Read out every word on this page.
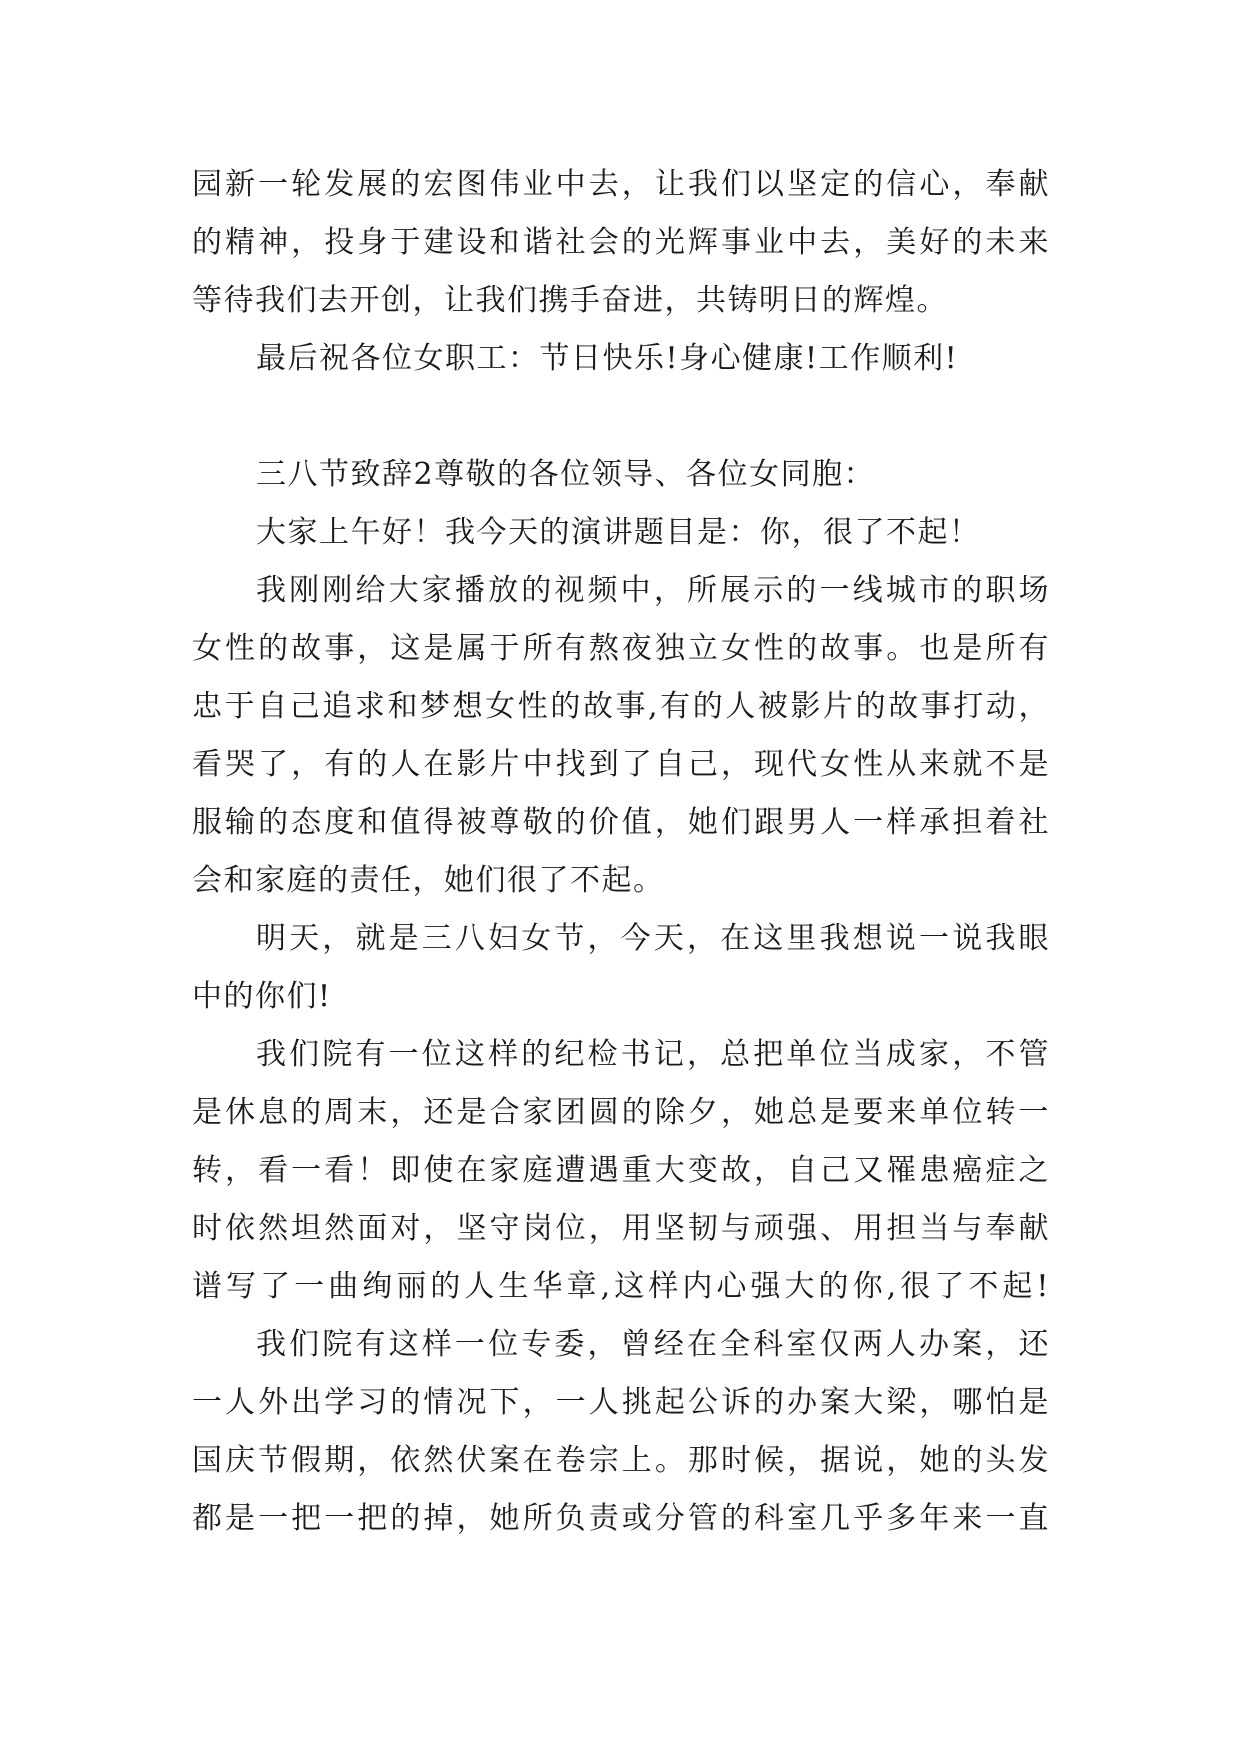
园新一轮发展的宏图伟业中去，让我们以坚定的信心，奉献
的精神，投身于建设和谐社会的光辉事业中去，美好的未来
等待我们去开创，让我们携手奋进，共铸明日的辉煌。
最后祝各位女职工：节日快乐!身心健康!工作顺利!
三八节致辞2尊敬的各位领导、各位女同胞：
大家上午好！我今天的演讲题目是：你，很了不起！
我刚刚给大家播放的视频中，所展示的一线城市的职场
女性的故事，这是属于所有熬夜独立女性的故事。也是所有
忠于自己追求和梦想女性的故事,有的人被影片的故事打动，
看哭了，有的人在影片中找到了自己，现代女性从来就不是
服输的态度和值得被尊敬的价值，她们跟男人一样承担着社
会和家庭的责任，她们很了不起。
明天，就是三八妇女节，今天，在这里我想说一说我眼
中的你们!
我们院有一位这样的纪检书记，总把单位当成家，不管
是休息的周末，还是合家团圆的除夕，她总是要来单位转一
转，看一看！即使在家庭遭遇重大变故，自己又罹患癌症之
时依然坦然面对，坚守岗位，用坚韧与顽强、用担当与奉献
谱写了一曲绚丽的人生华章,这样内心强大的你,很了不起!
我们院有这样一位专委，曾经在全科室仅两人办案，还
一人外出学习的情况下，一人挑起公诉的办案大梁，哪怕是
国庆节假期，依然伏案在卷宗上。那时候，据说，她的头发
都是一把一把的掉，她所负责或分管的科室几乎多年来一直
